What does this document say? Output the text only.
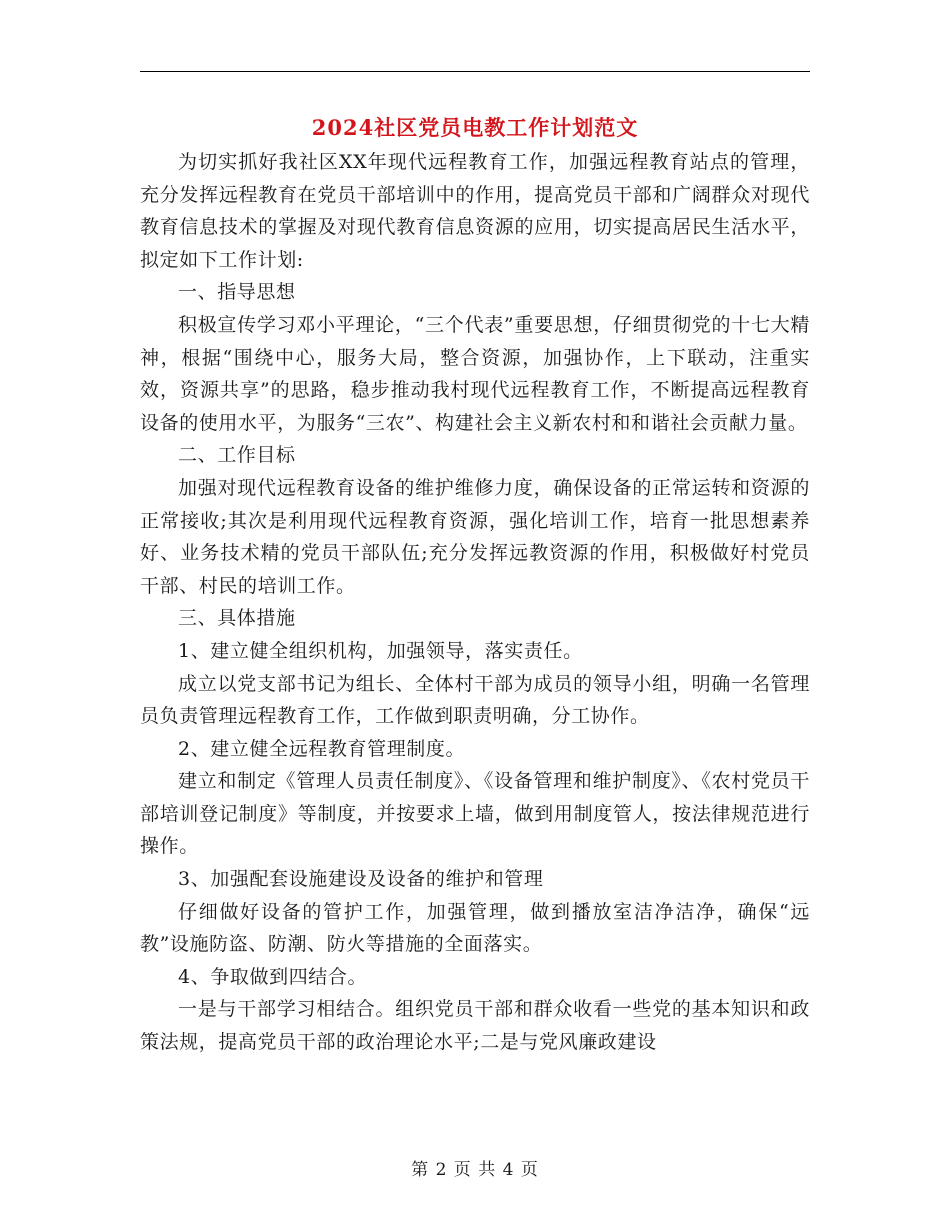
2024社区党员电教工作计划范文

为切实抓好我社区XX年现代远程教育工作，加强远程教育站点的管理，充分发挥远程教育在党员干部培训中的作用，提高党员干部和广阔群众对现代教育信息技术的掌握及对现代教育信息资源的应用，切实提高居民生活水平，拟定如下工作计划:

一、指导思想

积极宣传学习邓小平理论，“三个代表”重要思想，仔细贯彻党的十七大精神，根据“围绕中心，服务大局，整合资源，加强协作，上下联动，注重实效，资源共享”的思路，稳步推动我村现代远程教育工作，不断提高远程教育设备的使用水平，为服务“三农”、构建社会主义新农村和和谐社会贡献力量。

二、工作目标

加强对现代远程教育设备的维护维修力度，确保设备的正常运转和资源的正常接收;其次是利用现代远程教育资源，强化培训工作，培育一批思想素养好、业务技术精的党员干部队伍;充分发挥远教资源的作用，积极做好村党员干部、村民的培训工作。

三、具体措施

1、建立健全组织机构，加强领导，落实责任。

成立以党支部书记为组长、全体村干部为成员的领导小组，明确一名管理员负责管理远程教育工作，工作做到职责明确，分工协作。

2、建立健全远程教育管理制度。

建立和制定《管理人员责任制度》、《设备管理和维护制度》、《农村党员干部培训登记制度》等制度，并按要求上墙，做到用制度管人，按法律规范进行操作。

3、加强配套设施建设及设备的维护和管理

仔细做好设备的管护工作，加强管理，做到播放室洁净洁净，确保“远教”设施防盗、防潮、防火等措施的全面落实。

4、争取做到四结合。

一是与干部学习相结合。组织党员干部和群众收看一些党的基本知识和政策法规，提高党员干部的政治理论水平;二是与党风廉政建设

第 2 页 共 4 页
